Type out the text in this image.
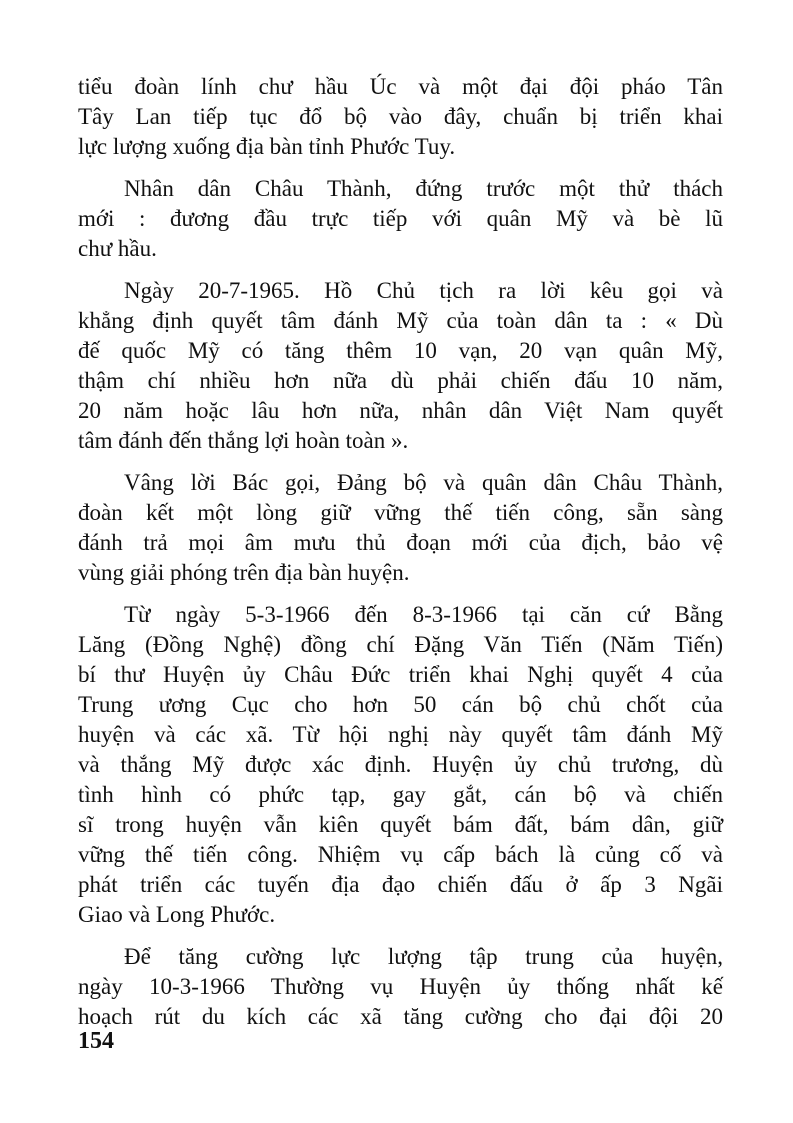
tiểu đoàn lính chư hầu Úc và một đại đội pháo Tân
Tây Lan tiếp tục đổ bộ vào đây, chuẩn bị triển khai
lực lượng xuống địa bàn tỉnh Phước Tuy.
Nhân dân Châu Thành, đứng trước một thử thách
mới : đương đầu trực tiếp với quân Mỹ và bè lũ
chư hầu.
Ngày 20-7-1965. Hồ Chủ tịch ra lời kêu gọi và
khẳng định quyết tâm đánh Mỹ của toàn dân ta : « Dù
đế quốc Mỹ có tăng thêm 10 vạn, 20 vạn quân Mỹ,
thậm chí nhiều hơn nữa dù phải chiến đấu 10 năm,
20 năm hoặc lâu hơn nữa, nhân dân Việt Nam quyết
tâm đánh đến thắng lợi hoàn toàn ».
Vâng lời Bác gọi, Đảng bộ và quân dân Châu Thành,
đoàn kết một lòng giữ vững thế tiến công, sẵn sàng
đánh trả mọi âm mưu thủ đoạn mới của địch, bảo vệ
vùng giải phóng trên địa bàn huyện.
Từ ngày 5-3-1966 đến 8-3-1966 tại căn cứ Bằng
Lăng (Đồng Nghệ) đồng chí Đặng Văn Tiến (Năm Tiến)
bí thư Huyện ủy Châu Đức triển khai Nghị quyết 4 của
Trung ương Cục cho hơn 50 cán bộ chủ chốt của
huyện và các xã. Từ hội nghị này quyết tâm đánh Mỹ
và thắng Mỹ được xác định. Huyện ủy chủ trương, dù
tình hình có phức tạp, gay gắt, cán bộ và chiến
sĩ trong huyện vẫn kiên quyết bám đất, bám dân, giữ
vững thế tiến công. Nhiệm vụ cấp bách là củng cố và
phát triển các tuyến địa đạo chiến đấu ở ấp 3 Ngãi
Giao và Long Phước.
Để tăng cường lực lượng tập trung của huyện,
ngày 10-3-1966 Thường vụ Huyện ủy thống nhất kế
hoạch rút du kích các xã tăng cường cho đại đội 20
154
